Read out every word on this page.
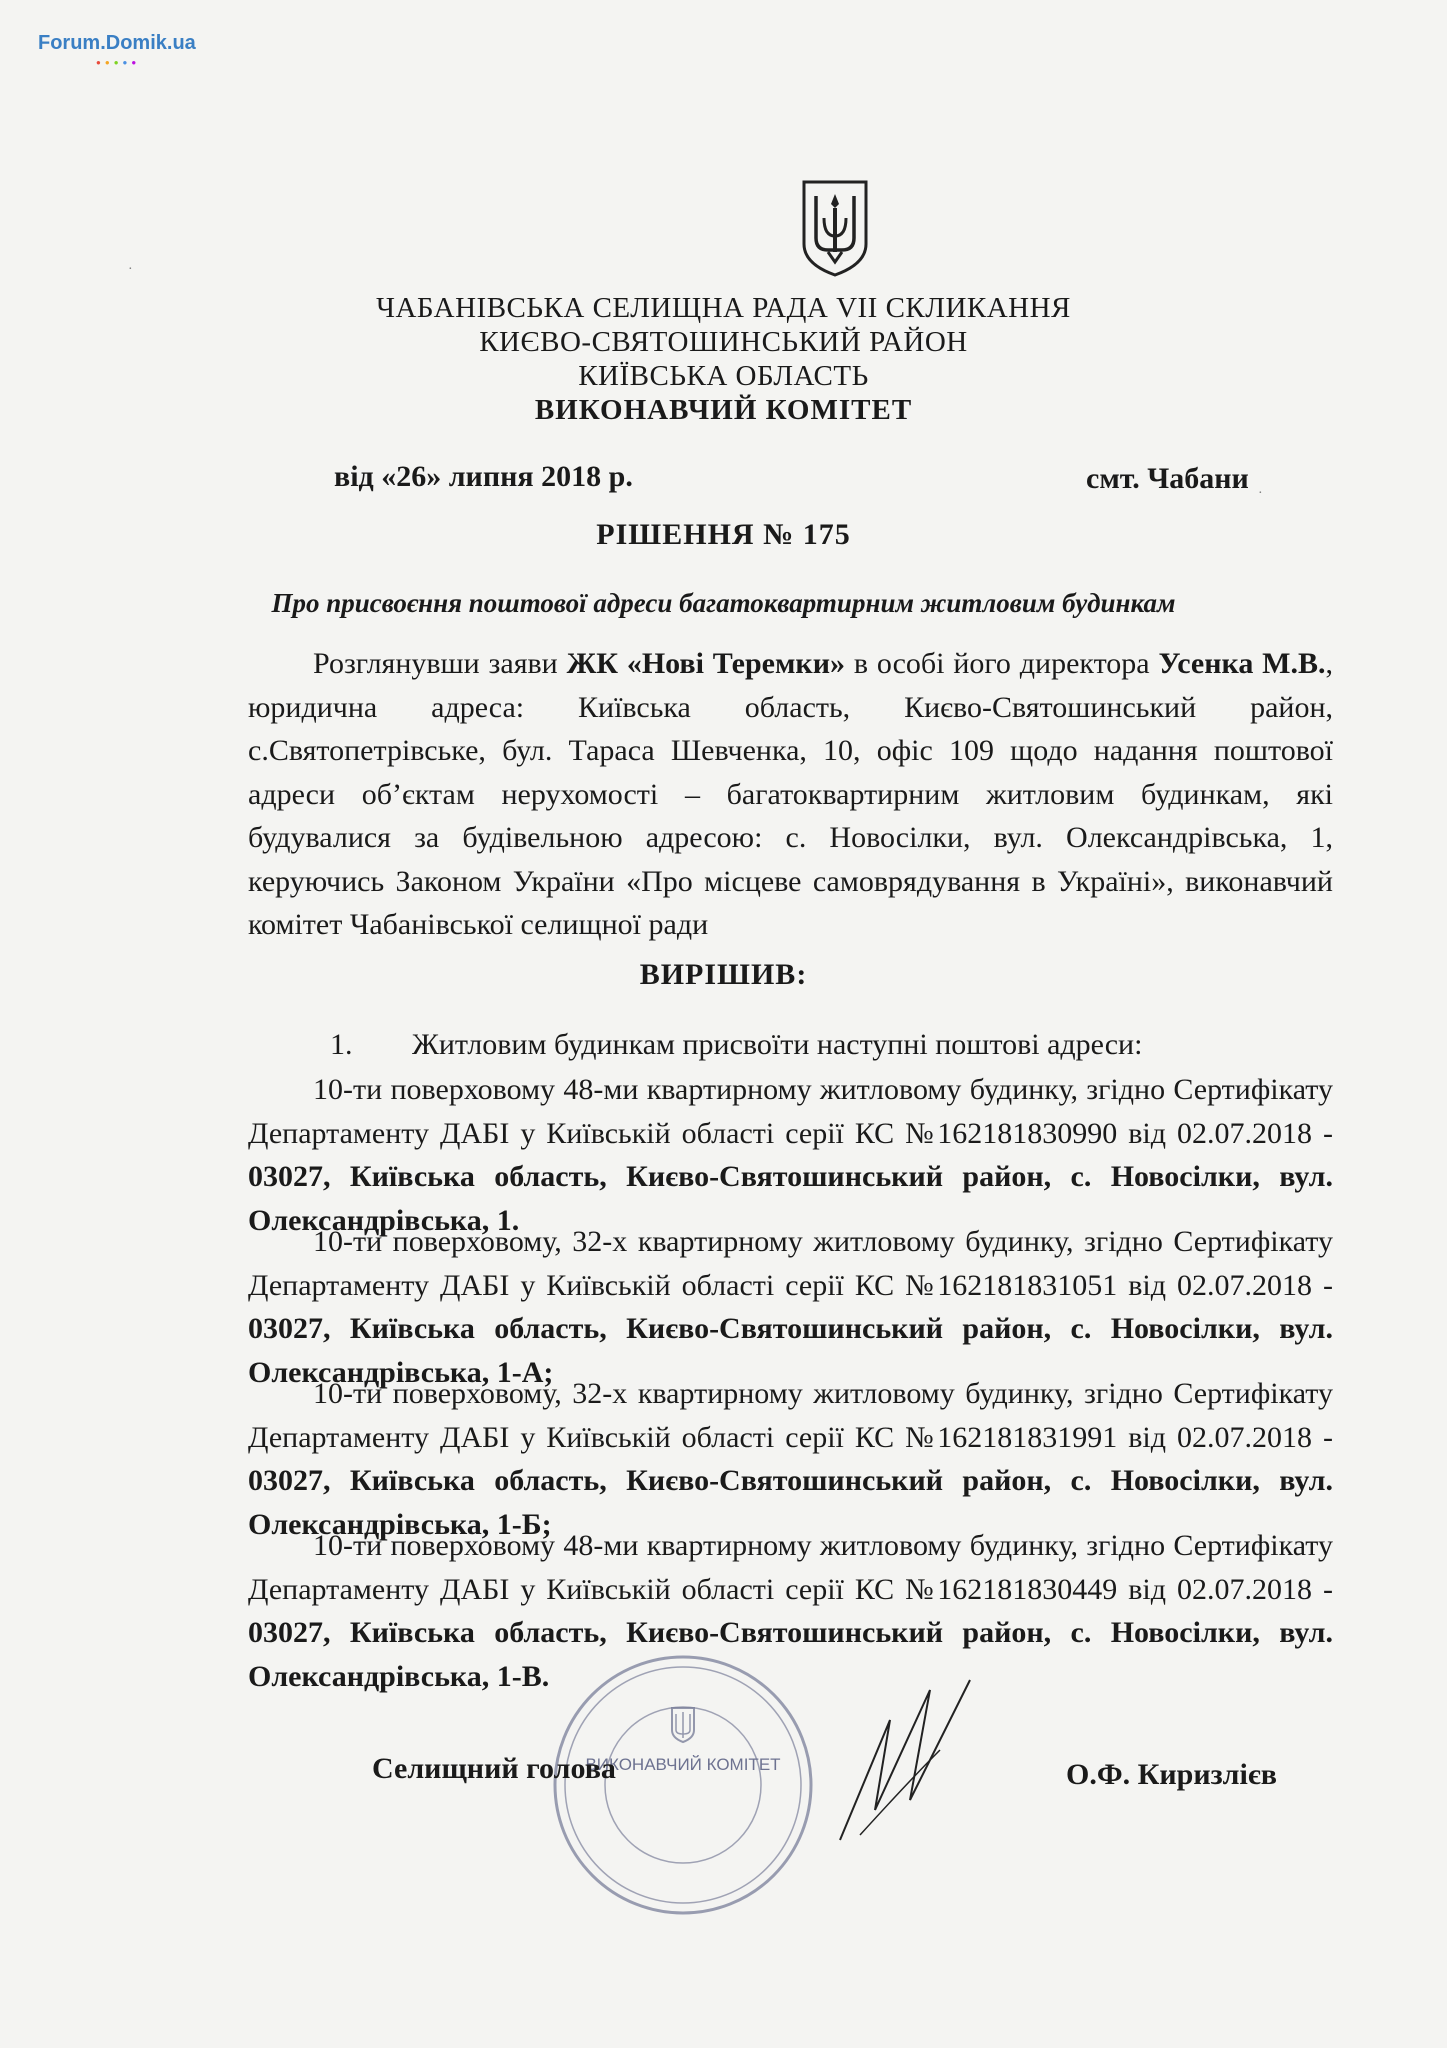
Forum.Domik.ua
●●●●●
ЧАБАНІВСЬКА СЕЛИЩНА РАДА VII СКЛИКАННЯ
КИЄВО-СВЯТОШИНСЬКИЙ РАЙОН
КИЇВСЬКА ОБЛАСТЬ
ВИКОНАВЧИЙ КОМІТЕТ
від «26» липня 2018 р.	смт. Чабани
РІШЕННЯ № 175
Про присвоєння поштової адреси багатоквартирним житловим будинкам
Розглянувши заяви ЖК «Нові Теремки» в особі його директора Усенка М.В., юридична адреса: Київська область, Києво-Святошинський район, с.Святопетрівське, бул. Тараса Шевченка, 10, офіс 109 щодо надання поштової адреси об’єктам нерухомості – багатоквартирним житловим будинкам, які будувалися за будівельною адресою: с. Новосілки, вул. Олександрівська, 1, керуючись Законом України «Про місцеве самоврядування в Україні», виконавчий комітет Чабанівської селищної ради
ВИРІШИВ:
1. Житловим будинкам присвоїти наступні поштові адреси:
10-ти поверховому 48-ми квартирному житловому будинку, згідно Сертифікату Департаменту ДАБІ у Київській області серії КС №162181830990 від 02.07.2018 - 03027, Київська область, Києво-Святошинський район, с. Новосілки, вул. Олександрівська, 1.
10-ти поверховому, 32-х квартирному житловому будинку, згідно Сертифікату Департаменту ДАБІ у Київській області серії КС №162181831051 від 02.07.2018 - 03027, Київська область, Києво-Святошинський район, с. Новосілки, вул. Олександрівська, 1-А;
10-ти поверховому, 32-х квартирному житловому будинку, згідно Сертифікату Департаменту ДАБІ у Київській області серії КС №162181831991 від 02.07.2018 - 03027, Київська область, Києво-Святошинський район, с. Новосілки, вул. Олександрівська, 1-Б;
10-ти поверховому 48-ми квартирному житловому будинку, згідно Сертифікату Департаменту ДАБІ у Київській області серії КС №162181830449 від 02.07.2018 - 03027, Київська область, Києво-Святошинський район, с. Новосілки, вул. Олександрівська, 1-В.
ВИКОНАВЧИЙ КОМІТЕТ
Селищний голова	О.Ф. Киризлієв
·
·
